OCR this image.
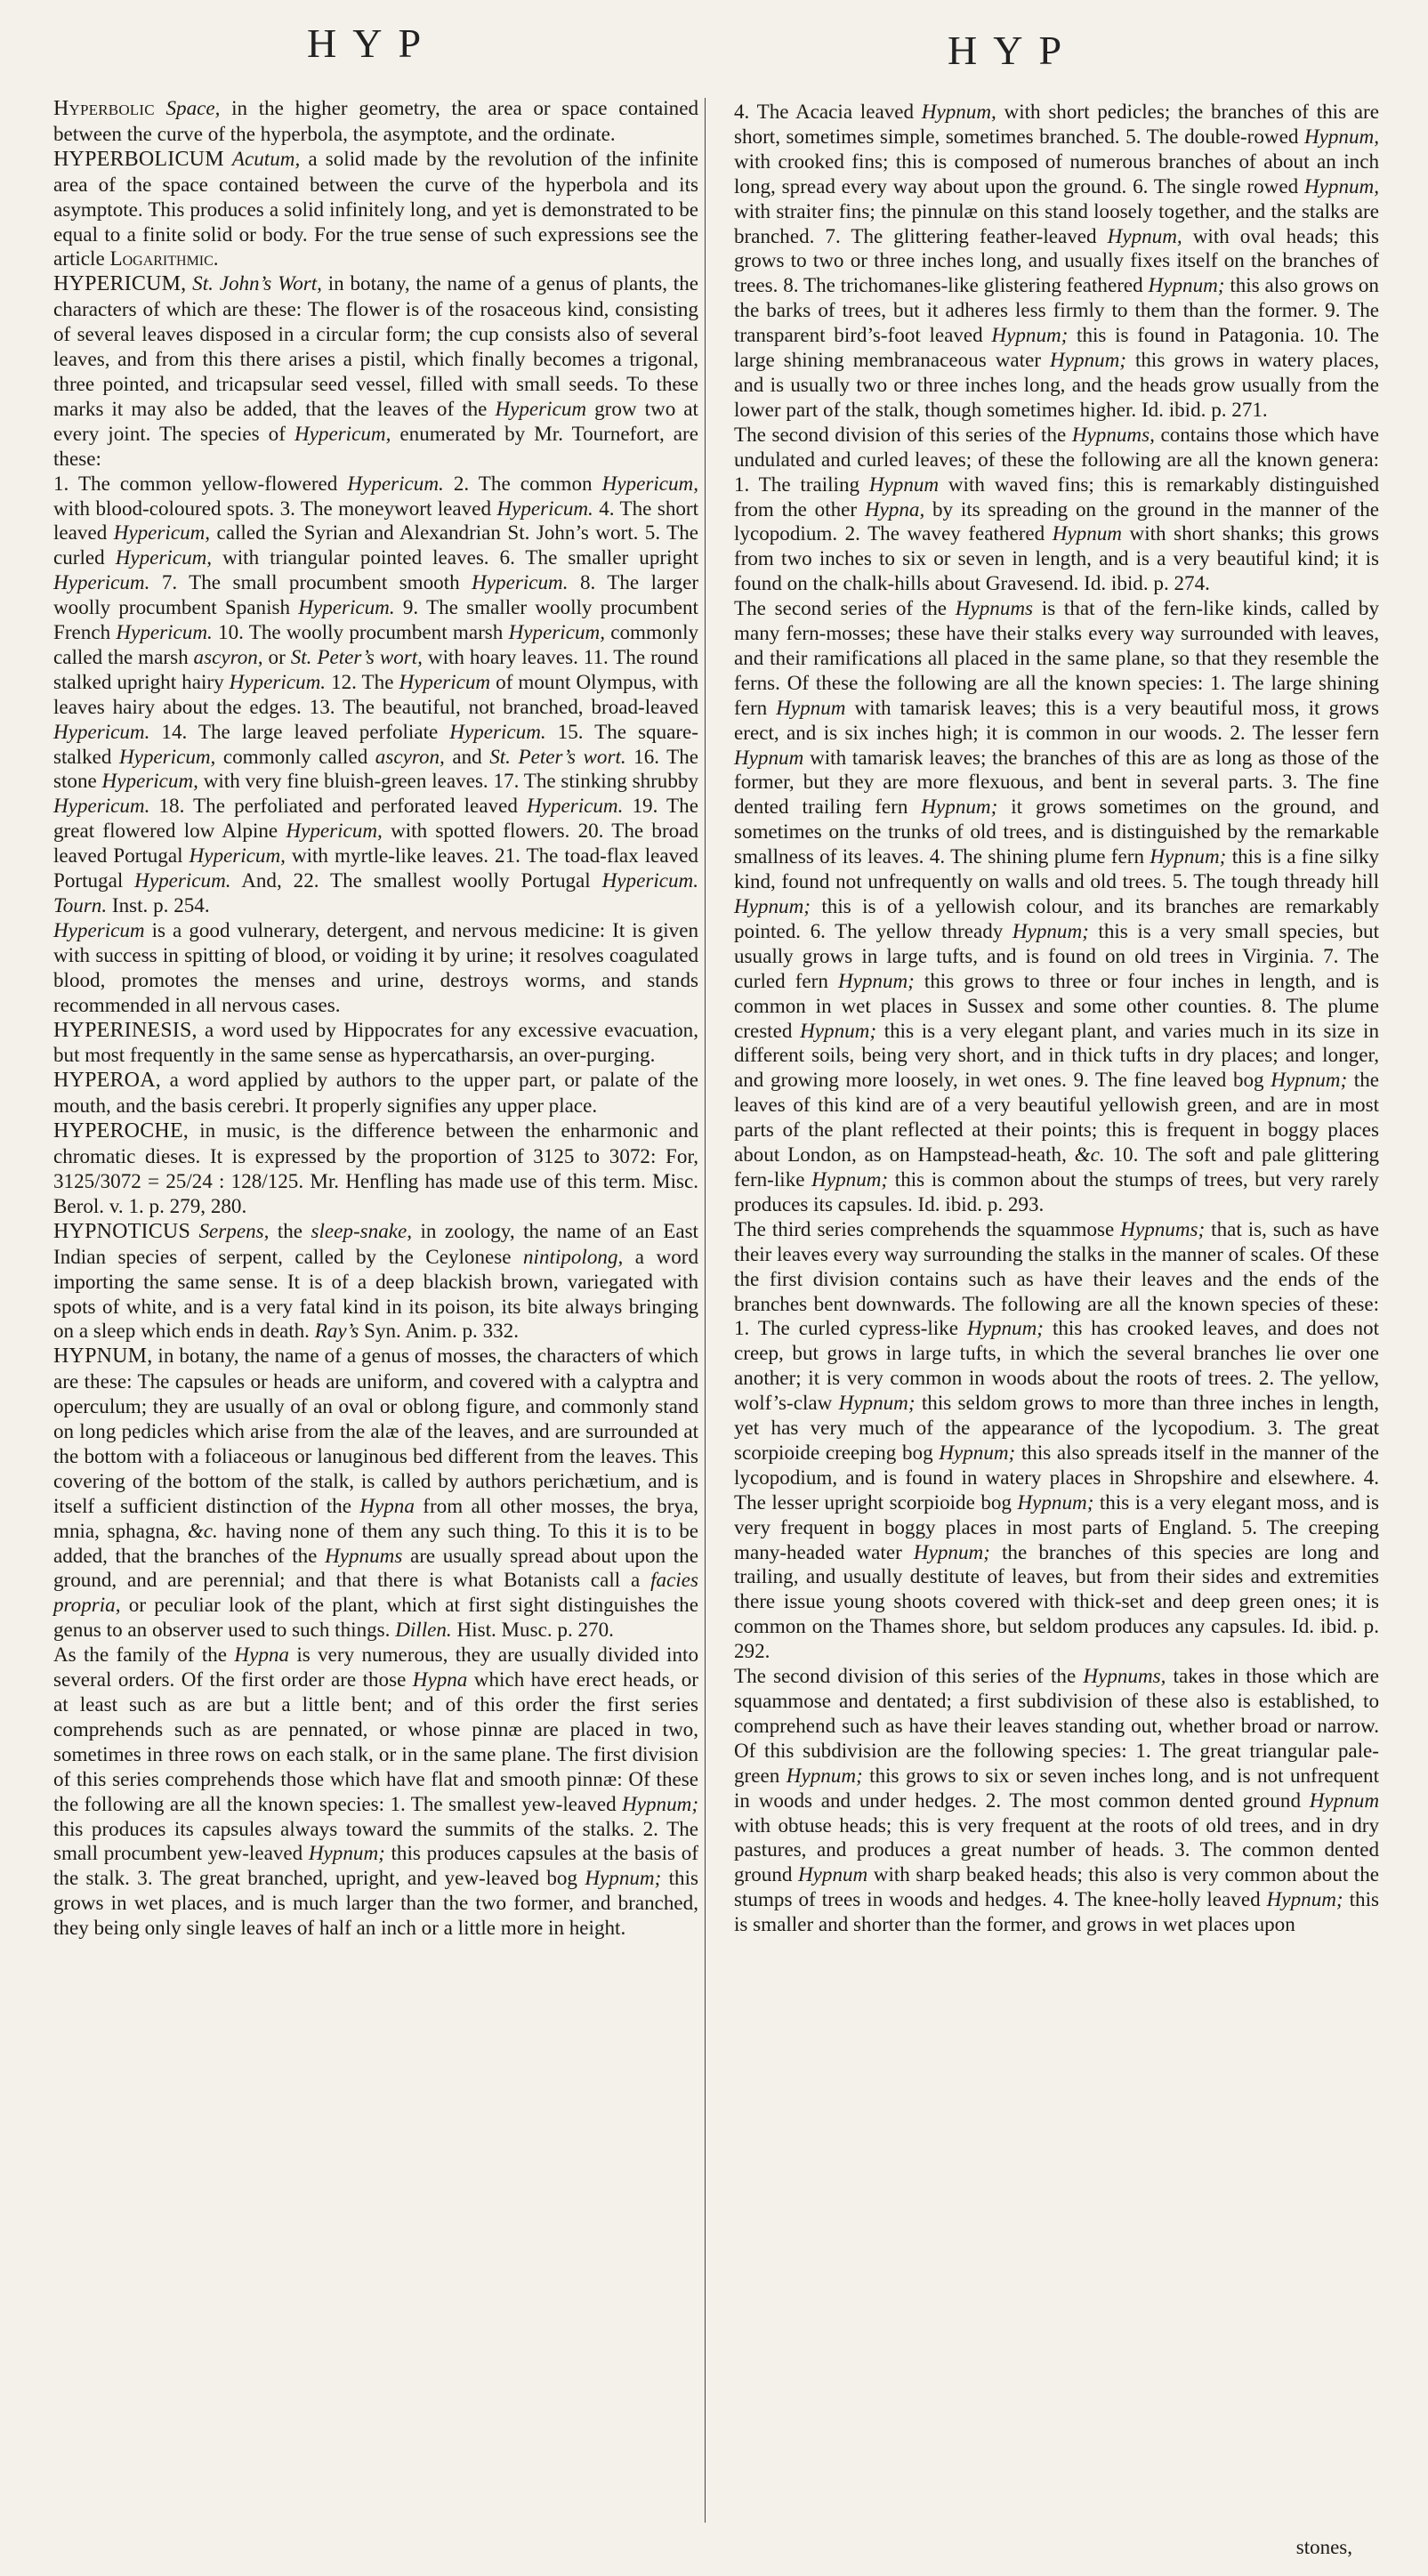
HYP	HYP

Hyperbolic Space, in the higher geometry, the area or space contained between the curve of the hyperbola, the asymptote, and the ordinate.

HYPERBOLICUM Acutum, a solid made by the revolution of the infinite area of the space contained between the curve of the hyperbola and its asymptote. This produces a solid infinitely long, and yet is demonstrated to be equal to a finite solid or body. For the true sense of such expressions see the article Logarithmic.

HYPERICUM, St. John’s Wort, in botany, the name of a genus of plants, the characters of which are these: The flower is of the rosaceous kind, consisting of several leaves disposed in a circular form; the cup consists also of several leaves, and from this there arises a pistil, which finally becomes a trigonal, three pointed, and tricapsular seed vessel, filled with small seeds. To these marks it may also be added, that the leaves of the Hypericum grow two at every joint. The species of Hypericum, enumerated by Mr. Tournefort, are these:

1. The common yellow-flowered Hypericum. 2. The common Hypericum, with blood-coloured spots. 3. The moneywort leaved Hypericum. 4. The short leaved Hypericum, called the Syrian and Alexandrian St. John’s wort. 5. The curled Hypericum, with triangular pointed leaves. 6. The smaller upright Hypericum. 7. The small procumbent smooth Hypericum. 8. The larger woolly procumbent Spanish Hypericum. 9. The smaller woolly procumbent French Hypericum. 10. The woolly procumbent marsh Hypericum, commonly called the marsh ascyron, or St. Peter’s wort, with hoary leaves. 11. The round stalked upright hairy Hypericum. 12. The Hypericum of mount Olympus, with leaves hairy about the edges. 13. The beautiful, not branched, broad-leaved Hypericum. 14. The large leaved perfoliate Hypericum. 15. The square-stalked Hypericum, commonly called ascyron, and St. Peter’s wort. 16. The stone Hypericum, with very fine bluish-green leaves. 17. The stinking shrubby Hypericum. 18. The perfoliated and perforated leaved Hypericum. 19. The great flowered low Alpine Hypericum, with spotted flowers. 20. The broad leaved Portugal Hypericum, with myrtle-like leaves. 21. The toad-flax leaved Portugal Hypericum. And, 22. The smallest woolly Portugal Hypericum. Tourn. Inst. p. 254.

Hypericum is a good vulnerary, detergent, and nervous medicine: It is given with success in spitting of blood, or voiding it by urine; it resolves coagulated blood, promotes the menses and urine, destroys worms, and stands recommended in all nervous cases.

HYPERINESIS, a word used by Hippocrates for any excessive evacuation, but most frequently in the same sense as hypercatharsis, an over-purging.

HYPEROA, a word applied by authors to the upper part, or palate of the mouth, and the basis cerebri. It properly signifies any upper place.

HYPEROCHE, in music, is the difference between the enharmonic and chromatic dieses. It is expressed by the proportion of 3125 to 3072: For, 3125/3072 = 25/24 : 128/125. Mr. Henfling has made use of this term. Misc. Berol. v. 1. p. 279, 280.

HYPNOTICUS Serpens, the sleep-snake, in zoology, the name of an East Indian species of serpent, called by the Ceylonese nintipolong, a word importing the same sense. It is of a deep blackish brown, variegated with spots of white, and is a very fatal kind in its poison, its bite always bringing on a sleep which ends in death. Ray’s Syn. Anim. p. 332.

HYPNUM, in botany, the name of a genus of mosses, the characters of which are these: The capsules or heads are uniform, and covered with a calyptra and operculum; they are usually of an oval or oblong figure, and commonly stand on long pedicles which arise from the alæ of the leaves, and are surrounded at the bottom with a foliaceous or lanuginous bed different from the leaves. This covering of the bottom of the stalk, is called by authors perichætium, and is itself a sufficient distinction of the Hypna from all other mosses, the brya, mnia, sphagna, &c. having none of them any such thing. To this it is to be added, that the branches of the Hypnums are usually spread about upon the ground, and are perennial; and that there is what Botanists call a facies propria, or peculiar look of the plant, which at first sight distinguishes the genus to an observer used to such things. Dillen. Hist. Musc. p. 270.

As the family of the Hypna is very numerous, they are usually divided into several orders. Of the first order are those Hypna which have erect heads, or at least such as are but a little bent; and of this order the first series comprehends such as are pennated, or whose pinnæ are placed in two, sometimes in three rows on each stalk, or in the same plane. The first division of this series comprehends those which have flat and smooth pinnæ: Of these the following are all the known species: 1. The smallest yew-leaved Hypnum; this produces its capsules always toward the summits of the stalks. 2. The small procumbent yew-leaved Hypnum; this produces capsules at the basis of the stalk. 3. The great branched, upright, and yew-leaved bog Hypnum; this grows in wet places, and is much larger than the two former, and branched, they being only single leaves of half an inch or a little more in height.

4. The Acacia leaved Hypnum, with short pedicles; the branches of this are short, sometimes simple, sometimes branched. 5. The double-rowed Hypnum, with crooked fins; this is composed of numerous branches of about an inch long, spread every way about upon the ground. 6. The single rowed Hypnum, with straiter fins; the pinnulæ on this stand loosely together, and the stalks are branched. 7. The glittering feather-leaved Hypnum, with oval heads; this grows to two or three inches long, and usually fixes itself on the branches of trees. 8. The trichomanes-like glistering feathered Hypnum; this also grows on the barks of trees, but it adheres less firmly to them than the former. 9. The transparent bird’s-foot leaved Hypnum; this is found in Patagonia. 10. The large shining membranaceous water Hypnum; this grows in watery places, and is usually two or three inches long, and the heads grow usually from the lower part of the stalk, though sometimes higher. Id. ibid. p. 271.

The second division of this series of the Hypnums, contains those which have undulated and curled leaves; of these the following are all the known genera: 1. The trailing Hypnum with waved fins; this is remarkably distinguished from the other Hypna, by its spreading on the ground in the manner of the lycopodium. 2. The wavey feathered Hypnum with short shanks; this grows from two inches to six or seven in length, and is a very beautiful kind; it is found on the chalk-hills about Gravesend. Id. ibid. p. 274.

The second series of the Hypnums is that of the fern-like kinds, called by many fern-mosses; these have their stalks every way surrounded with leaves, and their ramifications all placed in the same plane, so that they resemble the ferns. Of these the following are all the known species: 1. The large shining fern Hypnum with tamarisk leaves; this is a very beautiful moss, it grows erect, and is six inches high; it is common in our woods. 2. The lesser fern Hypnum with tamarisk leaves; the branches of this are as long as those of the former, but they are more flexuous, and bent in several parts. 3. The fine dented trailing fern Hypnum; it grows sometimes on the ground, and sometimes on the trunks of old trees, and is distinguished by the remarkable smallness of its leaves. 4. The shining plume fern Hypnum; this is a fine silky kind, found not unfrequently on walls and old trees. 5. The tough thready hill Hypnum; this is of a yellowish colour, and its branches are remarkably pointed. 6. The yellow thready Hypnum; this is a very small species, but usually grows in large tufts, and is found on old trees in Virginia. 7. The curled fern Hypnum; this grows to three or four inches in length, and is common in wet places in Sussex and some other counties. 8. The plume crested Hypnum; this is a very elegant plant, and varies much in its size in different soils, being very short, and in thick tufts in dry places; and longer, and growing more loosely, in wet ones. 9. The fine leaved bog Hypnum; the leaves of this kind are of a very beautiful yellowish green, and are in most parts of the plant reflected at their points; this is frequent in boggy places about London, as on Hampstead-heath, &c. 10. The soft and pale glittering fern-like Hypnum; this is common about the stumps of trees, but very rarely produces its capsules. Id. ibid. p. 293.

The third series comprehends the squammose Hypnums; that is, such as have their leaves every way surrounding the stalks in the manner of scales. Of these the first division contains such as have their leaves and the ends of the branches bent downwards. The following are all the known species of these: 1. The curled cypress-like Hypnum; this has crooked leaves, and does not creep, but grows in large tufts, in which the several branches lie over one another; it is very common in woods about the roots of trees. 2. The yellow, wolf’s-claw Hypnum; this seldom grows to more than three inches in length, yet has very much of the appearance of the lycopodium. 3. The great scorpioide creeping bog Hypnum; this also spreads itself in the manner of the lycopodium, and is found in watery places in Shropshire and elsewhere. 4. The lesser upright scorpioide bog Hypnum; this is a very elegant moss, and is very frequent in boggy places in most parts of England. 5. The creeping many-headed water Hypnum; the branches of this species are long and trailing, and usually destitute of leaves, but from their sides and extremities there issue young shoots covered with thick-set and deep green ones; it is common on the Thames shore, but seldom produces any capsules. Id. ibid. p. 292.

The second division of this series of the Hypnums, takes in those which are squammose and dentated; a first subdivision of these also is established, to comprehend such as have their leaves standing out, whether broad or narrow. Of this subdivision are the following species: 1. The great triangular pale-green Hypnum; this grows to six or seven inches long, and is not unfrequent in woods and under hedges. 2. The most common dented ground Hypnum with obtuse heads; this is very frequent at the roots of old trees, and in dry pastures, and produces a great number of heads. 3. The common dented ground Hypnum with sharp beaked heads; this also is very common about the stumps of trees in woods and hedges. 4. The knee-holly leaved Hypnum; this is smaller and shorter than the former, and grows in wet places upon

stones,
